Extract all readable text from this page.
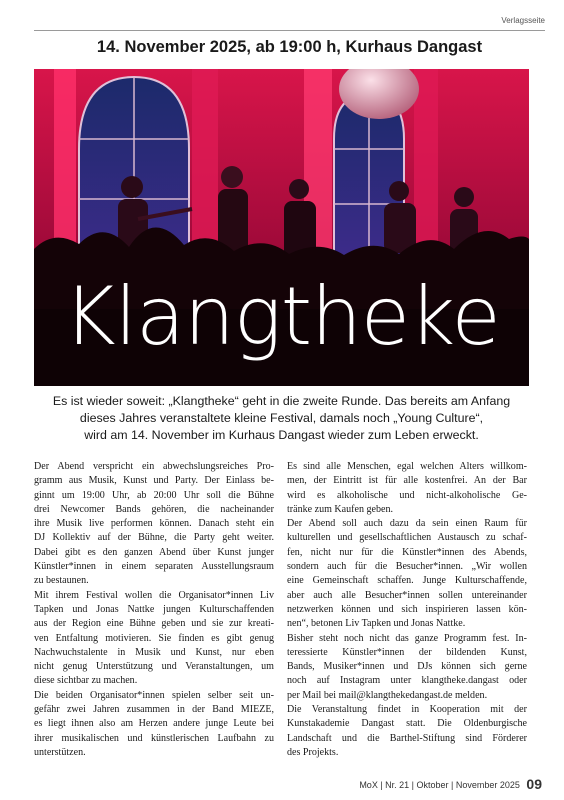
Verlagsseite
14. November 2025, ab 19:00 h, Kurhaus Dangast
Klangtheke
Es ist wieder soweit: „Klangtheke“ geht in die zweite Runde. Das bereits am Anfang
dieses Jahres veranstaltete kleine Festival, damals noch „Young Culture“,
wird am 14. November im Kurhaus Dangast wieder zum Leben erweckt.
Der Abend verspricht ein abwechslungsreiches Pro-
gramm aus Musik, Kunst und Party. Der Einlass be-
ginnt um 19:00 Uhr, ab 20:00 Uhr soll die Bühne
drei Newcomer Bands gehören, die nacheinander
ihre Musik live performen können. Danach steht ein
DJ Kollektiv auf der Bühne, die Party geht weiter.
Dabei gibt es den ganzen Abend über Kunst junger
Künstler*innen in einem separaten Ausstellungsraum
zu bestaunen.
Mit ihrem Festival wollen die Organisator*innen Liv
Tapken und Jonas Nattke jungen Kulturschaffenden
aus der Region eine Bühne geben und sie zur kreati-
ven Entfaltung motivieren. Sie finden es gibt genug
Nachwuchstalente in Musik und Kunst, nur eben
nicht genug Unterstützung und Veranstaltungen, um
diese sichtbar zu machen.
Die beiden Organisator*innen spielen selber seit un-
gefähr zwei Jahren zusammen in der Band MIEZE,
es liegt ihnen also am Herzen andere junge Leute bei
ihrer musikalischen und künstlerischen Laufbahn zu
unterstützen.
Es sind alle Menschen, egal welchen Alters willkom-
men, der Eintritt ist für alle kostenfrei. An der Bar
wird es alkoholische und nicht-alkoholische Ge-
tränke zum Kaufen geben.
Der Abend soll auch dazu da sein einen Raum für
kulturellen und gesellschaftlichen Austausch zu schaf-
fen, nicht nur für die Künstler*innen des Abends,
sondern auch für die Besucher*innen. „Wir wollen
eine Gemeinschaft schaffen. Junge Kulturschaffende,
aber auch alle Besucher*innen sollen untereinander
netzwerken können und sich inspirieren lassen kön-
nen“, betonen Liv Tapken und Jonas Nattke.
Bisher steht noch nicht das ganze Programm fest. In-
teressierte Künstler*innen der bildenden Kunst,
Bands, Musiker*innen und DJs können sich gerne
noch auf Instagram unter klangtheke.dangast oder
per Mail bei mail@klangthekedangast.de melden.
Die Veranstaltung findet in Kooperation mit der
Kunstakademie Dangast statt. Die Oldenburgische
Landschaft und die Barthel-Stiftung sind Förderer
des Projekts.
MoX | Nr. 21 | Oktober | November 2025 09
